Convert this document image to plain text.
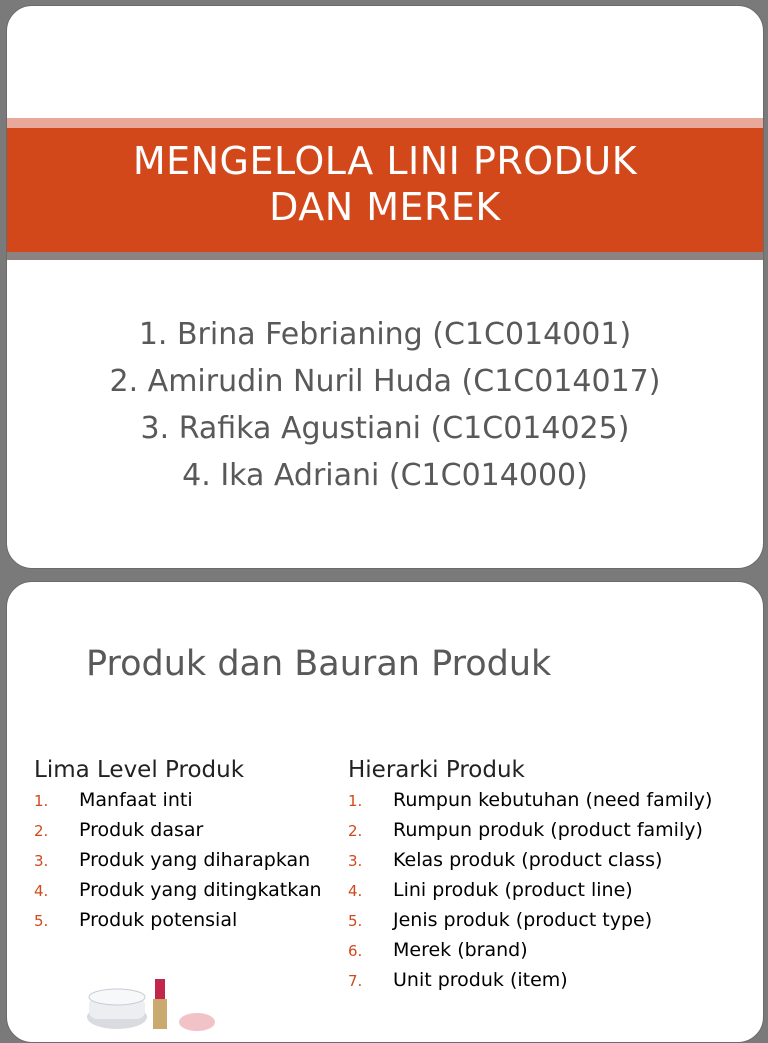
MENGELOLA LINI PRODUK
DAN MEREK
1. Brina Febrianing (C1C014001)
2. Amirudin Nuril Huda (C1C014017)
3. Rafika Agustiani (C1C014025)
4. Ika Adriani (C1C014000)
Produk dan Bauran Produk
Lima Level Produk
1. Manfaat inti
2. Produk dasar
3. Produk yang diharapkan
4. Produk yang ditingkatkan
5. Produk potensial
Hierarki Produk
1. Rumpun kebutuhan (need family)
2. Rumpun produk (product family)
3. Kelas produk (product class)
4. Lini produk (product line)
5. Jenis produk (product type)
6. Merek (brand)
7. Unit produk (item)
